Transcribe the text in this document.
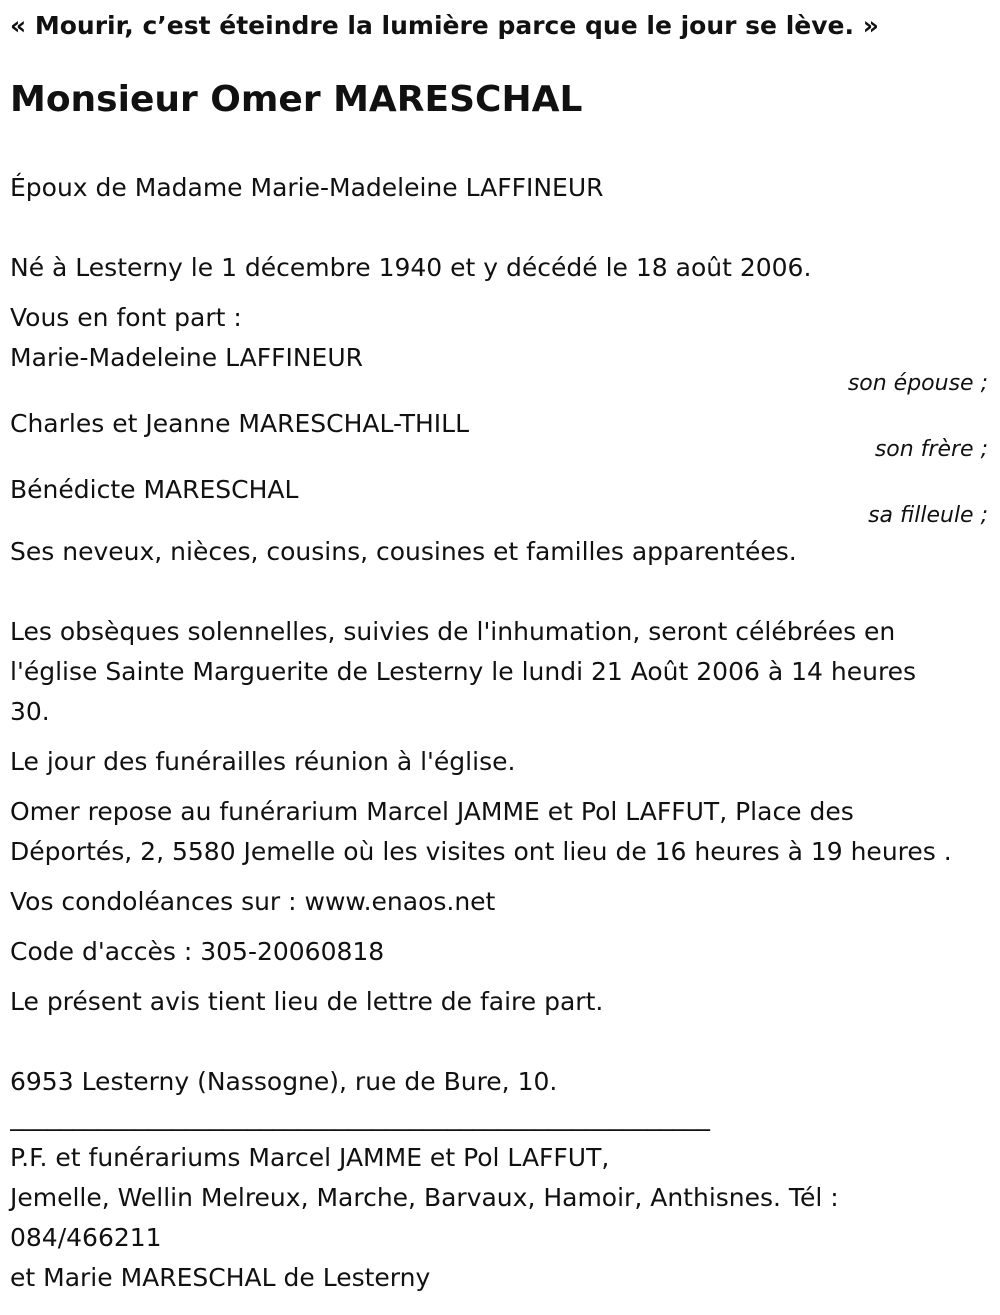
« Mourir, c’est éteindre la lumière parce que le jour se lève. »
Monsieur Omer MARESCHAL
Époux de Madame Marie-Madeleine LAFFINEUR
Né à Lesterny le 1 décembre 1940 et y décédé le 18 août 2006.
Vous en font part :
Marie-Madeleine LAFFINEUR
son épouse ;
Charles et Jeanne MARESCHAL-THILL
son frère ;
Bénédicte MARESCHAL
sa filleule ;
Ses neveux, nièces, cousins, cousines et familles apparentées.
Les obsèques solennelles, suivies de l'inhumation, seront célébrées en
l'église Sainte Marguerite de Lesterny le lundi 21 Août 2006 à 14 heures
30.
Le jour des funérailles réunion à l'église.
Omer repose au funérarium Marcel JAMME et Pol LAFFUT, Place des
Déportés, 2, 5580 Jemelle où les visites ont lieu de 16 heures à 19 heures .
Vos condoléances sur : www.enaos.net
Code d'accès : 305-20060818
Le présent avis tient lieu de lettre de faire part.
6953 Lesterny (Nassogne), rue de Bure, 10.
________________________________________________________
P.F. et funérariums Marcel JAMME et Pol LAFFUT,
Jemelle, Wellin Melreux, Marche, Barvaux, Hamoir, Anthisnes. Tél :
084/466211
et Marie MARESCHAL de Lesterny
